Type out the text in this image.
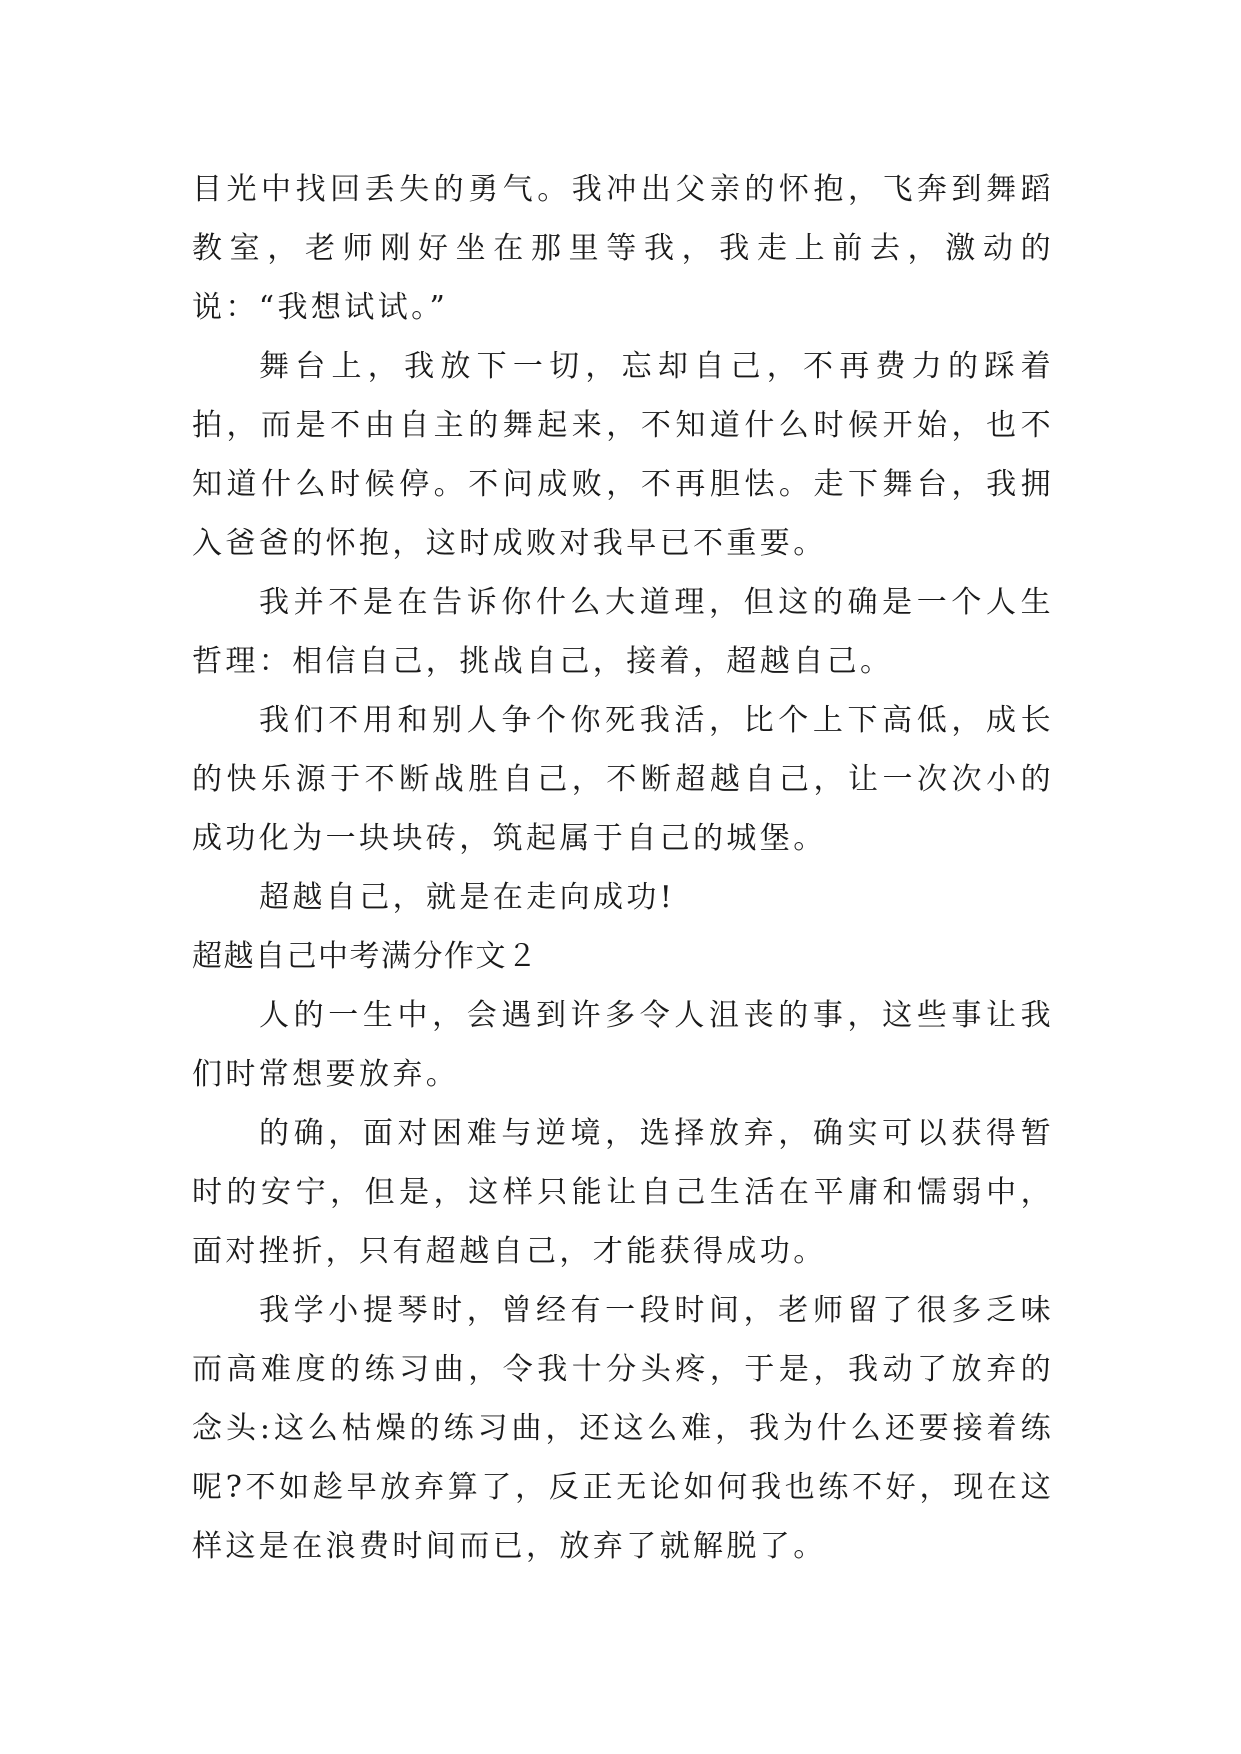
目光中找回丢失的勇气。我冲出父亲的怀抱，飞奔到舞蹈教室，老师刚好坐在那里等我，我走上前去，激动的说：“我想试试。”

舞台上，我放下一切，忘却自己，不再费力的踩着拍，而是不由自主的舞起来，不知道什么时候开始，也不知道什么时候停。不问成败，不再胆怯。走下舞台，我拥入爸爸的怀抱，这时成败对我早已不重要。

我并不是在告诉你什么大道理，但这的确是一个人生哲理：相信自己，挑战自己，接着，超越自己。

我们不用和别人争个你死我活，比个上下高低，成长的快乐源于不断战胜自己，不断超越自己，让一次次小的成功化为一块块砖，筑起属于自己的城堡。

超越自己，就是在走向成功!

超越自己中考满分作文２

人的一生中，会遇到许多令人沮丧的事，这些事让我们时常想要放弃。

的确，面对困难与逆境，选择放弃，确实可以获得暂时的安宁，但是，这样只能让自己生活在平庸和懦弱中，面对挫折，只有超越自己，才能获得成功。

我学小提琴时，曾经有一段时间，老师留了很多乏味而高难度的练习曲，令我十分头疼，于是，我动了放弃的念头:这么枯燥的练习曲，还这么难，我为什么还要接着练呢?不如趁早放弃算了，反正无论如何我也练不好，现在这样这是在浪费时间而已，放弃了就解脱了。
